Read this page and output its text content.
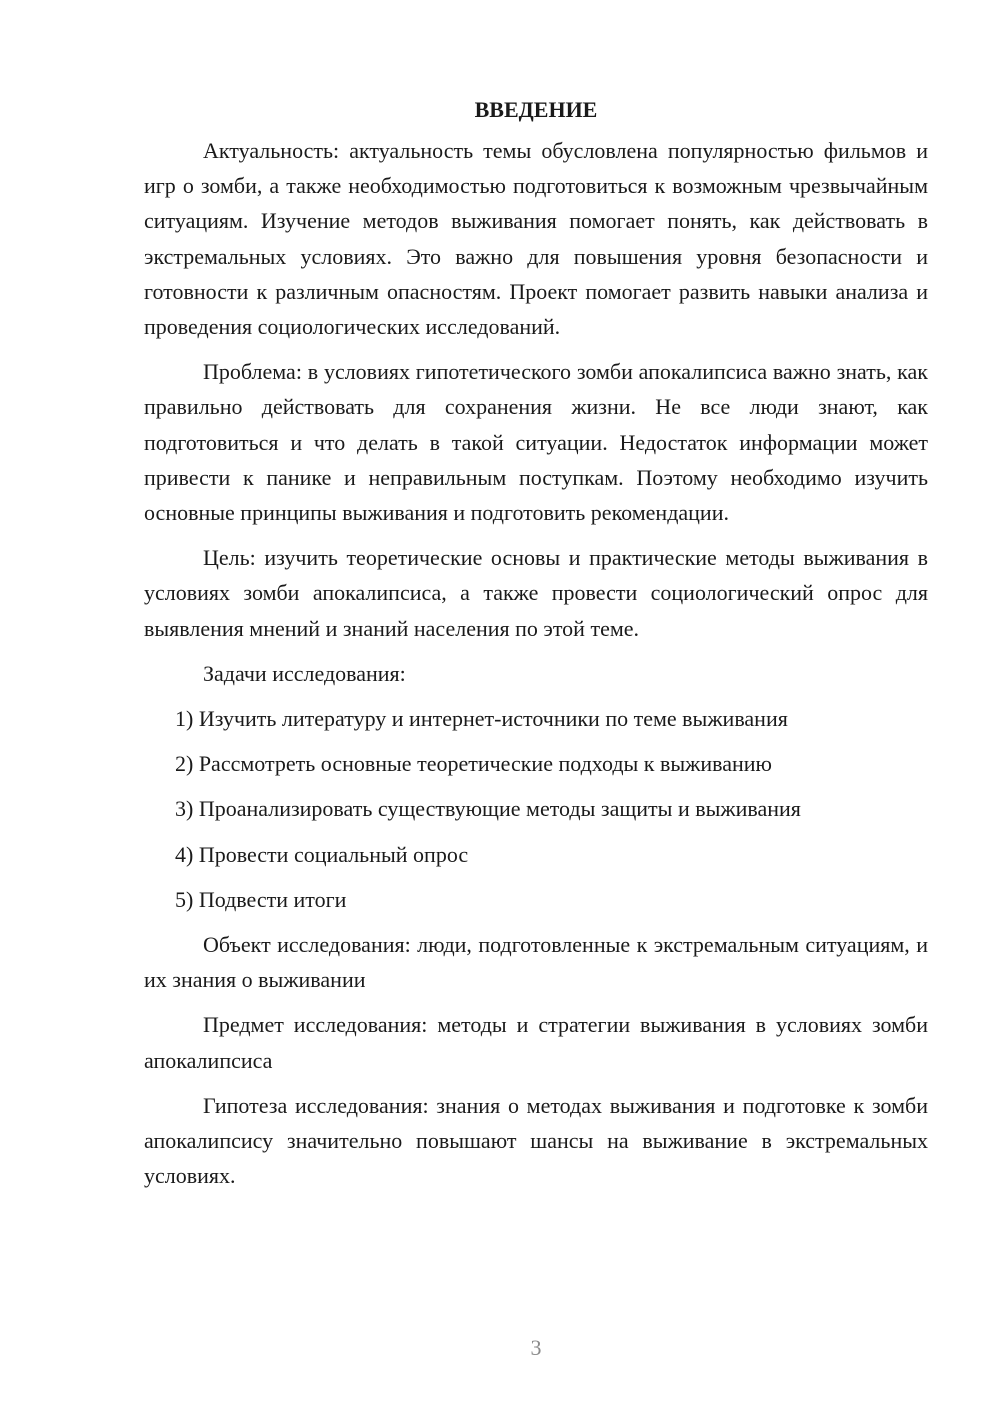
ВВЕДЕНИЕ

Актуальность: актуальность темы обусловлена популярностью фильмов и игр о зомби, а также необходимостью подготовиться к возможным чрезвычайным ситуациям. Изучение методов выживания помогает понять, как действовать в экстремальных условиях. Это важно для повышения уровня безопасности и готовности к различным опасностям. Проект помогает развить навыки анализа и проведения социологических исследований.

Проблема: в условиях гипотетического зомби апокалипсиса важно знать, как правильно действовать для сохранения жизни. Не все люди знают, как подготовиться и что делать в такой ситуации. Недостаток информации может привести к панике и неправильным поступкам. Поэтому необходимо изучить основные принципы выживания и подготовить рекомендации.

Цель: изучить теоретические основы и практические методы выживания в условиях зомби апокалипсиса, а также провести социологический опрос для выявления мнений и знаний населения по этой теме.

Задачи исследования:

1) Изучить литературу и интернет-источники по теме выживания
2) Рассмотреть основные теоретические подходы к выживанию
3) Проанализировать существующие методы защиты и выживания
4) Провести социальный опрос
5) Подвести итоги

Объект исследования: люди, подготовленные к экстремальным ситуациям, и их знания о выживании

Предмет исследования: методы и стратегии выживания в условиях зомби апокалипсиса

Гипотеза исследования: знания о методах выживания и подготовке к зомби апокалипсису значительно повышают шансы на выживание в экстремальных условиях.

3
